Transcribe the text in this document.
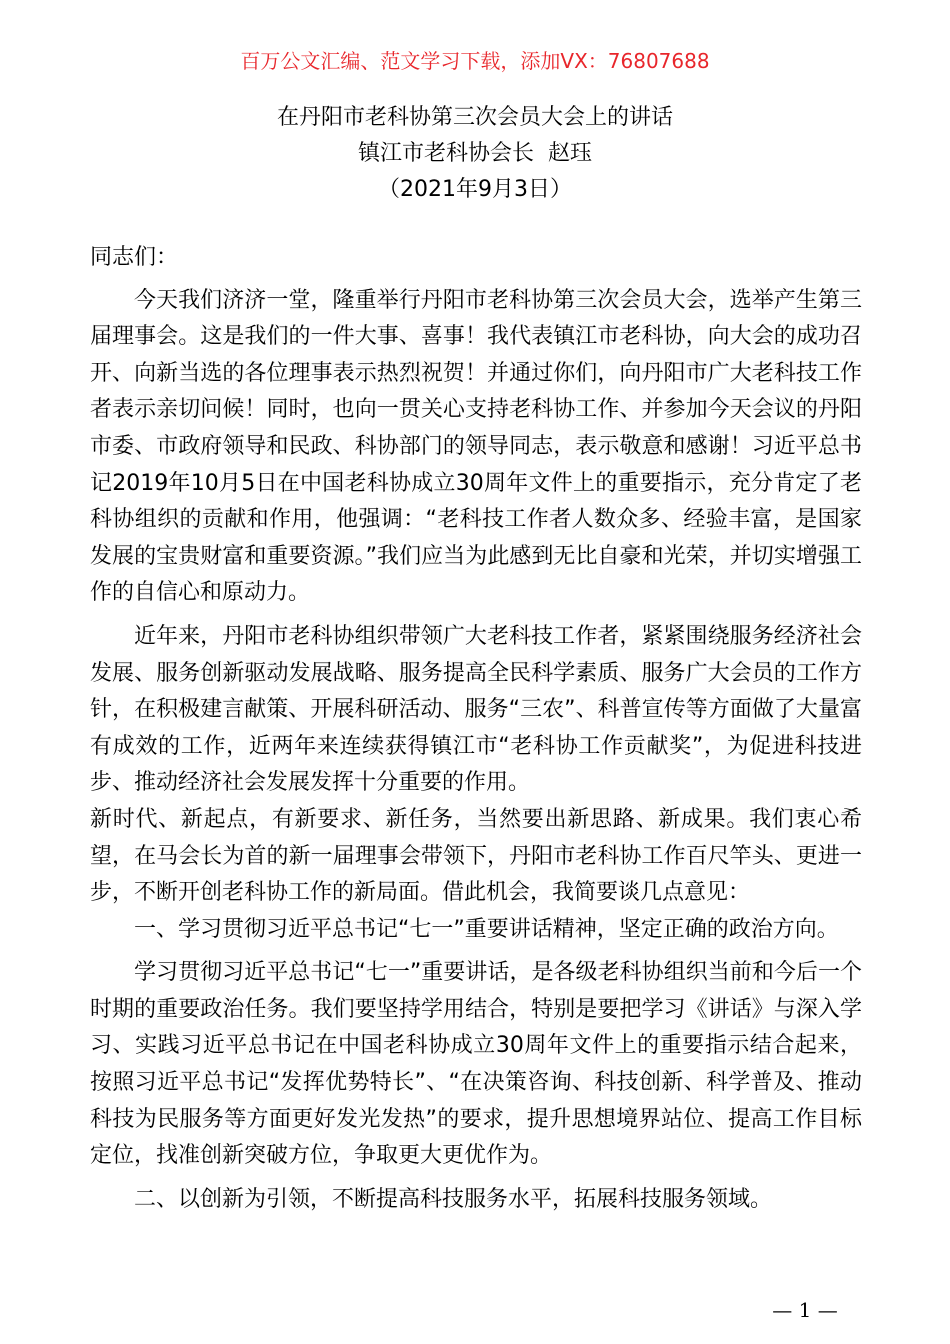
百万公文汇编、范文学习下载，添加VX：76807688
在丹阳市老科协第三次会员大会上的讲话
镇江市老科协会长  赵珏
（2021年9月3日）

同志们：

今天我们济济一堂，隆重举行丹阳市老科协第三次会员大会，选举产生第三届理事会。这是我们的一件大事、喜事！我代表镇江市老科协，向大会的成功召开、向新当选的各位理事表示热烈祝贺！并通过你们，向丹阳市广大老科技工作者表示亲切问候！同时，也向一贯关心支持老科协工作、并参加今天会议的丹阳市委、市政府领导和民政、科协部门的领导同志，表示敬意和感谢！习近平总书记2019年10月5日在中国老科协成立30周年文件上的重要指示，充分肯定了老科协组织的贡献和作用，他强调：“老科技工作者人数众多、经验丰富，是国家发展的宝贵财富和重要资源。”我们应当为此感到无比自豪和光荣，并切实增强工作的自信心和原动力。

近年来，丹阳市老科协组织带领广大老科技工作者，紧紧围绕服务经济社会发展、服务创新驱动发展战略、服务提高全民科学素质、服务广大会员的工作方针，在积极建言献策、开展科研活动、服务“三农”、科普宣传等方面做了大量富有成效的工作，近两年来连续获得镇江市“老科协工作贡献奖”，为促进科技进步、推动经济社会发展发挥十分重要的作用。

新时代、新起点，有新要求、新任务，当然要出新思路、新成果。我们衷心希望，在马会长为首的新一届理事会带领下，丹阳市老科协工作百尺竿头、更进一步，不断开创老科协工作的新局面。借此机会，我简要谈几点意见：

一、学习贯彻习近平总书记“七一”重要讲话精神，坚定正确的政治方向。

学习贯彻习近平总书记“七一”重要讲话，是各级老科协组织当前和今后一个时期的重要政治任务。我们要坚持学用结合，特别是要把学习《讲话》与深入学习、实践习近平总书记在中国老科协成立30周年文件上的重要指示结合起来，按照习近平总书记“发挥优势特长”、“在决策咨询、科技创新、科学普及、推动科技为民服务等方面更好发光发热”的要求，提升思想境界站位、提高工作目标定位，找准创新突破方位，争取更大更优作为。

二、以创新为引领，不断提高科技服务水平，拓展科技服务领域。

— 1 —
